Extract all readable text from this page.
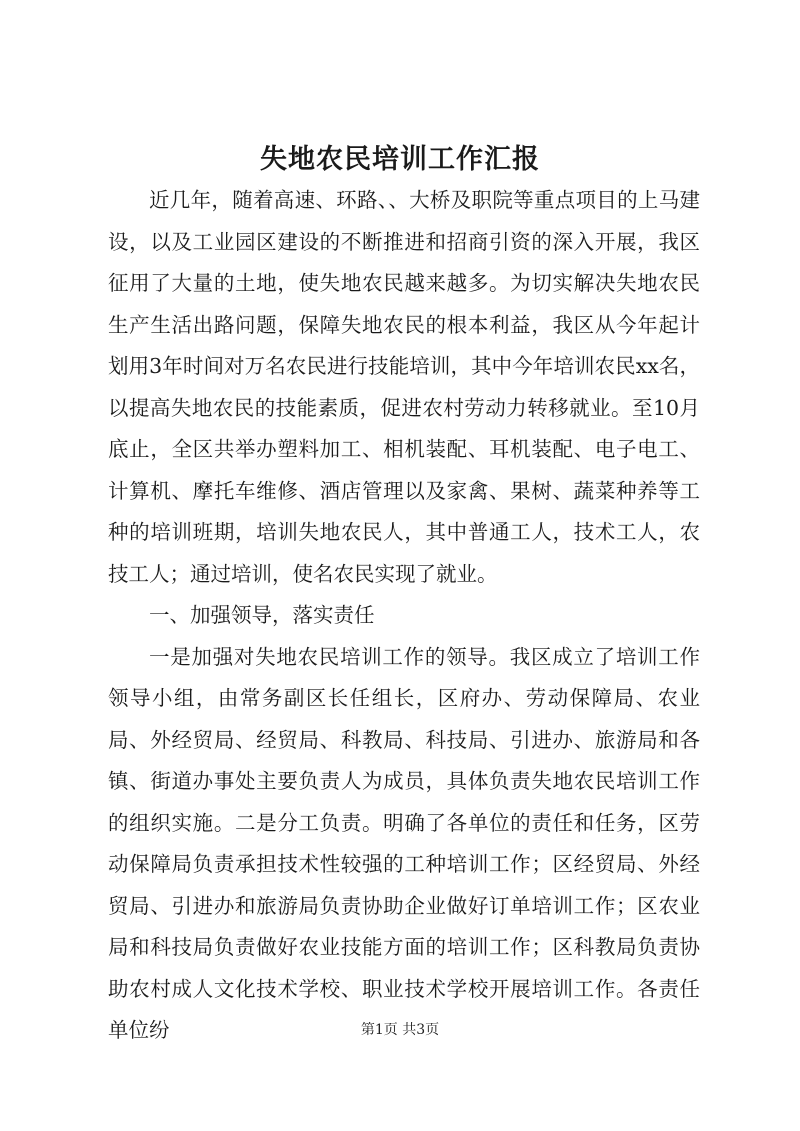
失地农民培训工作汇报

近几年，随着高速、环路、、大桥及职院等重点项目的上马建设，以及工业园区建设的不断推进和招商引资的深入开展，我区征用了大量的土地，使失地农民越来越多。为切实解决失地农民生产生活出路问题，保障失地农民的根本利益，我区从今年起计划用3年时间对万名农民进行技能培训，其中今年培训农民xx名，以提高失地农民的技能素质，促进农村劳动力转移就业。至10月底止，全区共举办塑料加工、相机装配、耳机装配、电子电工、计算机、摩托车维修、酒店管理以及家禽、果树、蔬菜种养等工种的培训班期，培训失地农民人，其中普通工人，技术工人，农技工人；通过培训，使名农民实现了就业。

一、加强领导，落实责任

一是加强对失地农民培训工作的领导。我区成立了培训工作领导小组，由常务副区长任组长，区府办、劳动保障局、农业局、外经贸局、经贸局、科教局、科技局、引进办、旅游局和各镇、街道办事处主要负责人为成员，具体负责失地农民培训工作的组织实施。二是分工负责。明确了各单位的责任和任务，区劳动保障局负责承担技术性较强的工种培训工作；区经贸局、外经贸局、引进办和旅游局负责协助企业做好订单培训工作；区农业局和科技局负责做好农业技能方面的培训工作；区科教局负责协助农村成人文化技术学校、职业技术学校开展培训工作。各责任单位纷	第1页 共3页
